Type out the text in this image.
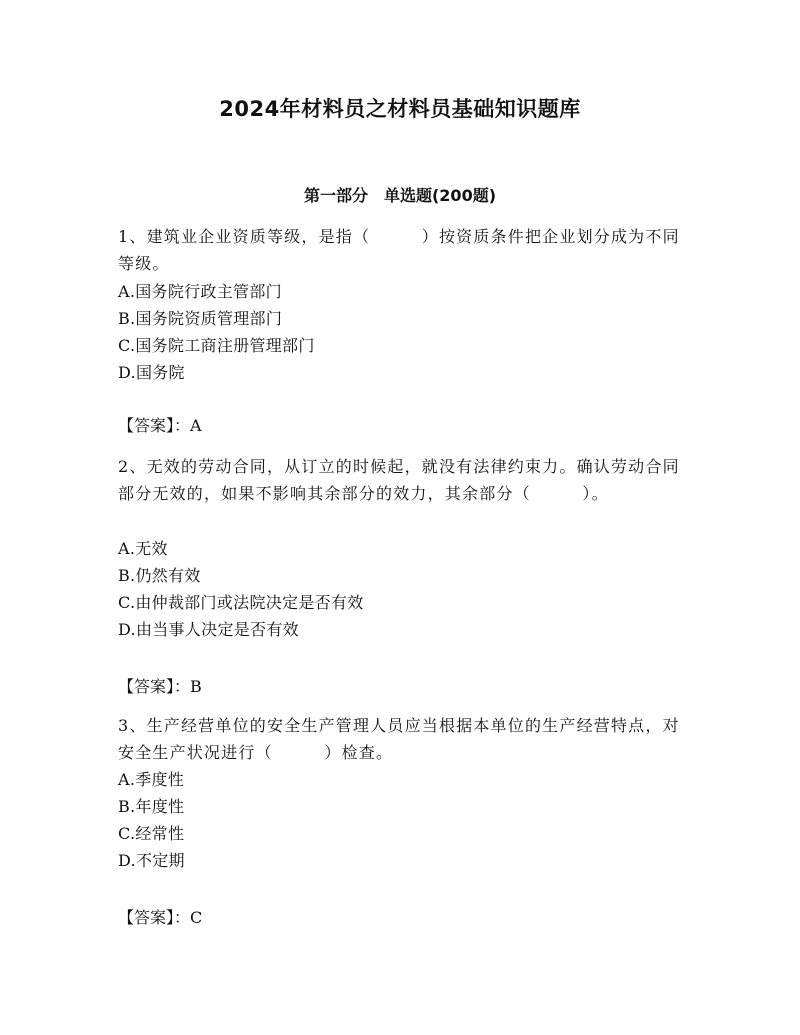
2024年材料员之材料员基础知识题库
第一部分　单选题(200题)
1、建筑业企业资质等级，是指（　　　）按资质条件把企业划分成为不同等级。
A.国务院行政主管部门
B.国务院资质管理部门
C.国务院工商注册管理部门
D.国务院
【答案】：A
2、无效的劳动合同，从订立的时候起，就没有法律约束力。确认劳动合同部分无效的，如果不影响其余部分的效力，其余部分（　　　）。
A.无效
B.仍然有效
C.由仲裁部门或法院决定是否有效
D.由当事人决定是否有效
【答案】：B
3、生产经营单位的安全生产管理人员应当根据本单位的生产经营特点，对安全生产状况进行（　　　）检查。
A.季度性
B.年度性
C.经常性
D.不定期
【答案】：C
